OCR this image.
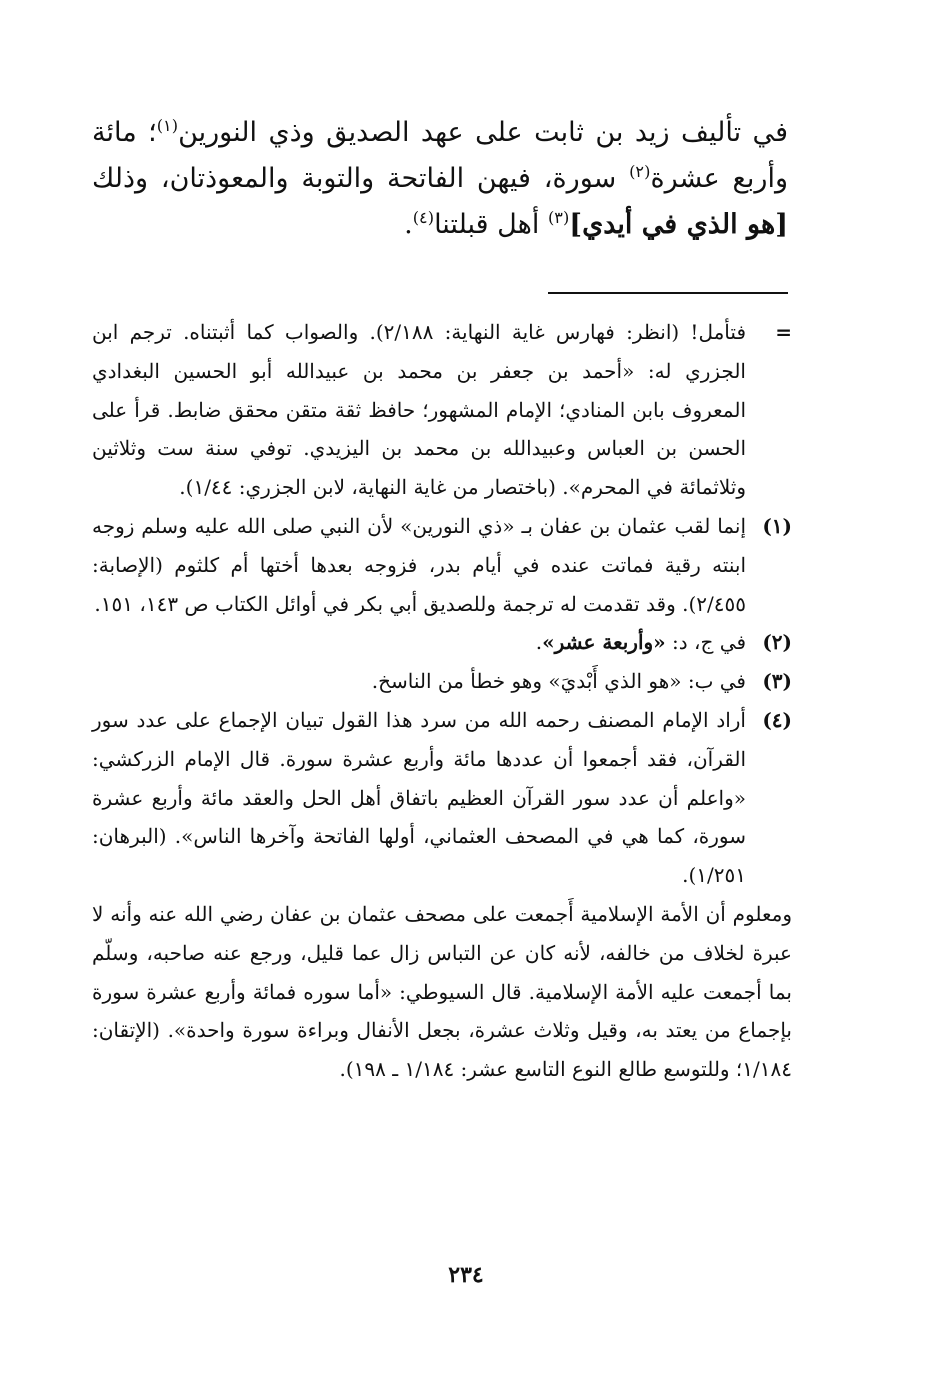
في تأليف زيد بن ثابت على عهد الصديق وذي النورين$^{(١)}$؛ مائة وأربع عشرة$^{(٢)}$ سورة، فيهن الفاتحة والتوبة والمعوذتان، وذلك [هو الذي في أيدي]$^{(٣)}$ أهل قبلتنا$^{(٤)}$.

=

فتأمل! (انظر: فهارس غاية النهاية: ٢/١٨٨). والصواب كما أثبتناه. ترجم ابن الجزري له: «أحمد بن جعفر بن محمد بن عبيدالله أبو الحسين البغدادي المعروف بابن المنادي؛ الإمام المشهور؛ حافظ ثقة متقن محقق ضابط. قرأ على الحسن بن العباس وعبيدالله بن محمد بن اليزيدي. توفي سنة ست وثلاثين وثلاثمائة في المحرم». (باختصار من غاية النهاية، لابن الجزري: ١/٤٤).

(١)

إنما لقب عثمان بن عفان بـ «ذي النورين» لأن النبي صلى الله عليه وسلم زوجه ابنته رقية فماتت عنده في أيام بدر، فزوجه بعدها أختها أم كلثوم (الإصابة: ٢/٤٥٥). وقد تقدمت له ترجمة وللصديق أبي بكر في أوائل الكتاب ص ١٤٣، ١٥١.

(٢)

في ج، د: «وأربعة عشر».

(٣)

في ب: «هو الذي أَبْديَ» وهو خطأ من الناسخ.

(٤)

أراد الإمام المصنف رحمه الله من سرد هذا القول تبيان الإجماع على عدد سور القرآن، فقد أجمعوا أن عددها مائة وأربع عشرة سورة. قال الإمام الزركشي: «واعلم أن عدد سور القرآن العظيم باتفاق أهل الحل والعقد مائة وأربع عشرة سورة، كما هي في المصحف العثماني، أولها الفاتحة وآخرها الناس». (البرهان: ١/٢٥١).

ومعلوم أن الأمة الإسلامية أَجمعت على مصحف عثمان بن عفان رضي الله عنه وأنه لا عبرة لخلاف من خالفه، لأنه كان عن التباس زال عما قليل، ورجع عنه صاحبه، وسلّم بما أجمعت عليه الأمة الإسلامية. قال السيوطي: «أما سوره فمائة وأربع عشرة سورة بإجماع من يعتد به، وقيل وثلاث عشرة، بجعل الأنفال وبراءة سورة واحدة». (الإتقان: ١/١٨٤؛ وللتوسع طالع النوع التاسع عشر: ١/١٨٤ ـ ١٩٨).

٢٣٤
